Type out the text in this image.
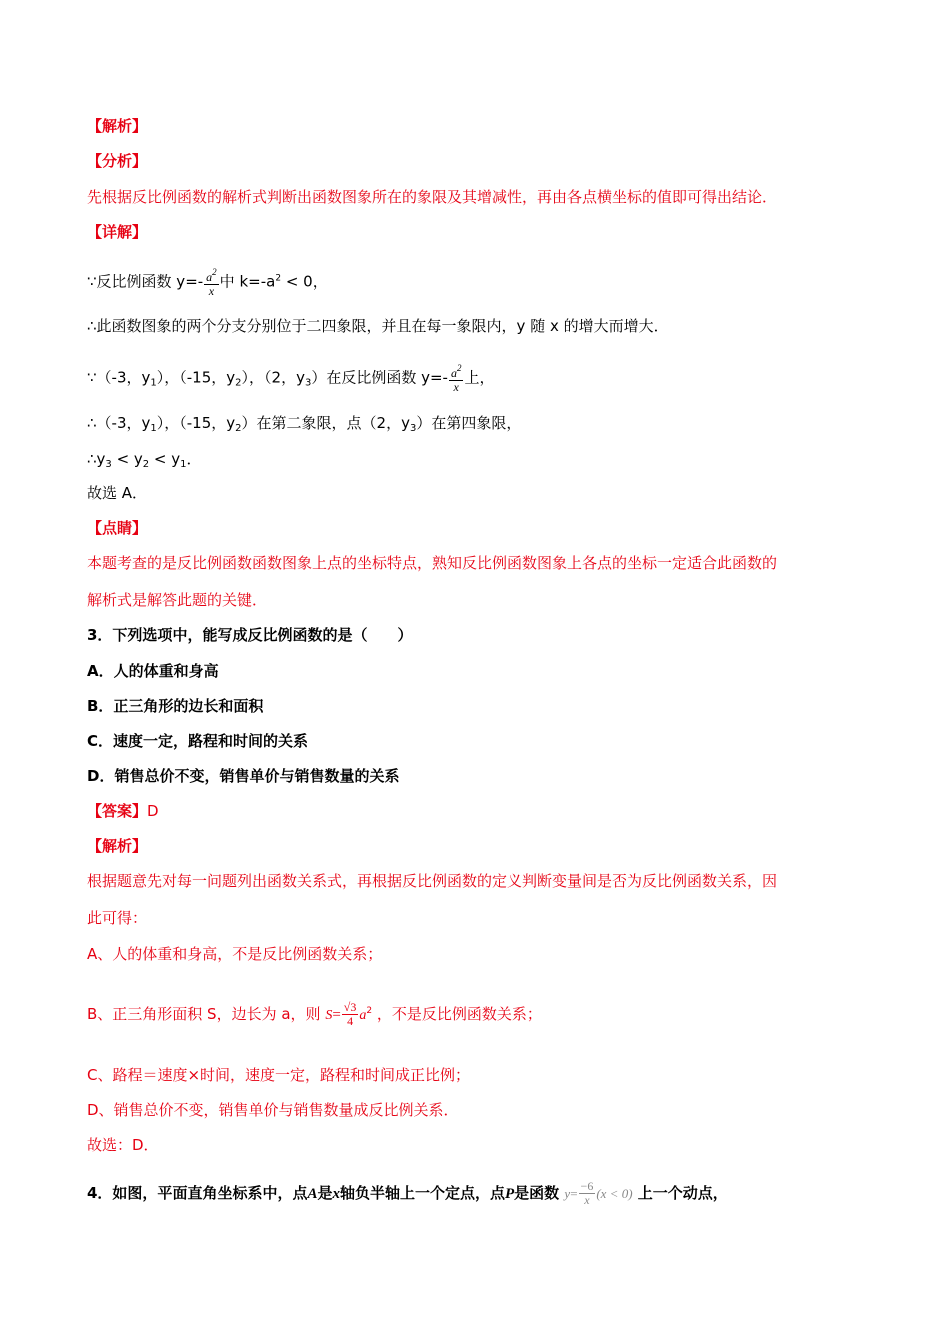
【解析】
【分析】
先根据反比例函数的解析式判断出函数图象所在的象限及其增减性，再由各点横坐标的值即可得出结论．
【详解】
∵反比例函数 $y=- \frac{a^2}{x}$ 中 $k=-a^2 < 0$，
∴此函数图象的两个分支分别位于二四象限，并且在每一象限内，y 随 x 的增大而增大．
∵（-3，$y_1$），（-15，$y_2$），（2，$y_3$）在反比例函数 $y=- \frac{a^2}{x}$ 上，
∴（-3，$y_1$），（-15，$y_2$）在第二象限，点（2，$y_3$）在第四象限，
$\therefore y_3 < y_2 < y_1$．
故选 A．
【点睛】
本题考查的是反比例函数函数图象上点的坐标特点，熟知反比例函数图象上各点的坐标一定适合此函数的
解析式是解答此题的关键．
3．下列选项中，能写成反比例函数的是（　　）
A．人的体重和身高
B．正三角形的边长和面积
C．速度一定，路程和时间的关系
D．销售总价不变，销售单价与销售数量的关系
【答案】D
【解析】
根据题意先对每一问题列出函数关系式，再根据反比例函数的定义判断变量间是否为反比例函数关系，因
此可得：
A、人的体重和身高，不是反比例函数关系；
B、正三角形面积 S，边长为 a，则 $S= \frac{√3}{4} a^2$ ，不是反比例函数关系；
C、路程＝速度×时间，速度一定，路程和时间成正比例；
D、销售总价不变，销售单价与销售数量成反比例关系．
故选：D．
4．如图，平面直角坐标系中，点A是x轴负半轴上一个定点，点P是函数 $y= \frac{-6}{x} (x < 0)$ 上一个动点，
